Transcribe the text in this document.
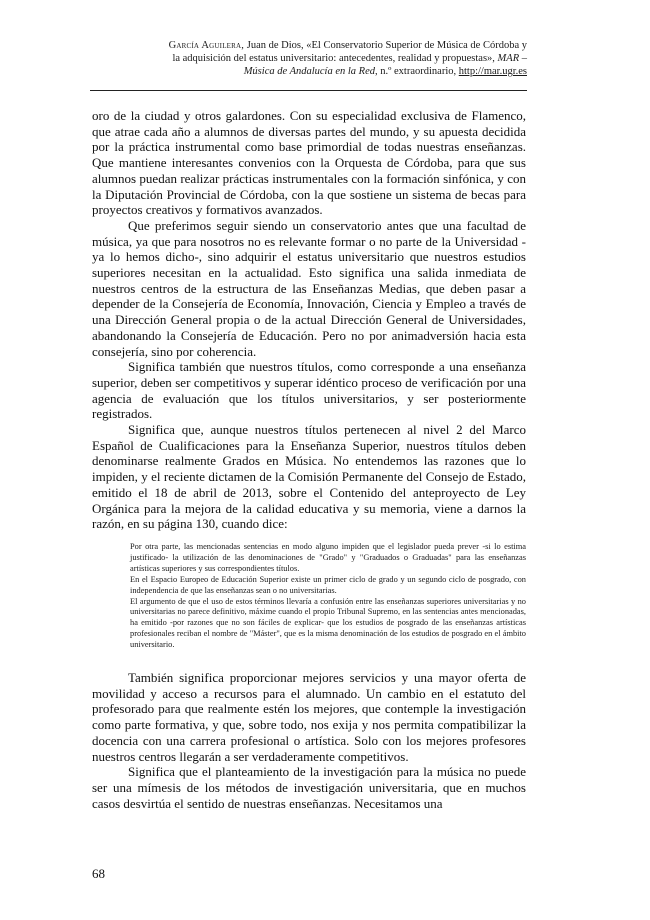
García Aguilera, Juan de Dios, «El Conservatorio Superior de Música de Córdoba y la adquisición del estatus universitario: antecedentes, realidad y propuestas», MAR – Música de Andalucía en la Red, n.º extraordinario, http://mar.ugr.es

oro de la ciudad y otros galardones. Con su especialidad exclusiva de Flamenco, que atrae cada año a alumnos de diversas partes del mundo, y su apuesta decidida por la práctica instrumental como base primordial de todas nuestras enseñanzas. Que mantiene interesantes convenios con la Orquesta de Córdoba, para que sus alumnos puedan realizar prácticas instrumentales con la formación sinfónica, y con la Diputación Provincial de Córdoba, con la que sostiene un sistema de becas para proyectos creativos y formativos avanzados.

Que preferimos seguir siendo un conservatorio antes que una facultad de música, ya que para nosotros no es relevante formar o no parte de la Universidad -ya lo hemos dicho-, sino adquirir el estatus universitario que nuestros estudios superiores necesitan en la actualidad. Esto significa una salida inmediata de nuestros centros de la estructura de las Enseñanzas Medias, que deben pasar a depender de la Consejería de Economía, Innovación, Ciencia y Empleo a través de una Dirección General propia o de la actual Dirección General de Universidades, abandonando la Consejería de Educación. Pero no por animadversión hacia esta consejería, sino por coherencia.

Significa también que nuestros títulos, como corresponde a una enseñanza superior, deben ser competitivos y superar idéntico proceso de verificación por una agencia de evaluación que los títulos universitarios, y ser posteriormente registrados.

Significa que, aunque nuestros títulos pertenecen al nivel 2 del Marco Español de Cualificaciones para la Enseñanza Superior, nuestros títulos deben denominarse realmente Grados en Música. No entendemos las razones que lo impiden, y el reciente dictamen de la Comisión Permanente del Consejo de Estado, emitido el 18 de abril de 2013, sobre el Contenido del anteproyecto de Ley Orgánica para la mejora de la calidad educativa y su memoria, viene a darnos la razón, en su página 130, cuando dice:

Por otra parte, las mencionadas sentencias en modo alguno impiden que el legislador pueda prever -si lo estima justificado- la utilización de las denominaciones de "Grado" y "Graduados o Graduadas" para las enseñanzas artísticas superiores y sus correspondientes títulos.

En el Espacio Europeo de Educación Superior existe un primer ciclo de grado y un segundo ciclo de posgrado, con independencia de que las enseñanzas sean o no universitarias.

El argumento de que el uso de estos términos llevaría a confusión entre las enseñanzas superiores universitarias y no universitarias no parece definitivo, máxime cuando el propio Tribunal Supremo, en las sentencias antes mencionadas, ha emitido -por razones que no son fáciles de explicar- que los estudios de posgrado de las enseñanzas artísticas profesionales reciban el nombre de "Máster", que es la misma denominación de los estudios de posgrado en el ámbito universitario.

También significa proporcionar mejores servicios y una mayor oferta de movilidad y acceso a recursos para el alumnado. Un cambio en el estatuto del profesorado para que realmente estén los mejores, que contemple la investigación como parte formativa, y que, sobre todo, nos exija y nos permita compatibilizar la docencia con una carrera profesional o artística. Solo con los mejores profesores nuestros centros llegarán a ser verdaderamente competitivos.

Significa que el planteamiento de la investigación para la música no puede ser una mímesis de los métodos de investigación universitaria, que en muchos casos desvirtúa el sentido de nuestras enseñanzas. Necesitamos una

68
